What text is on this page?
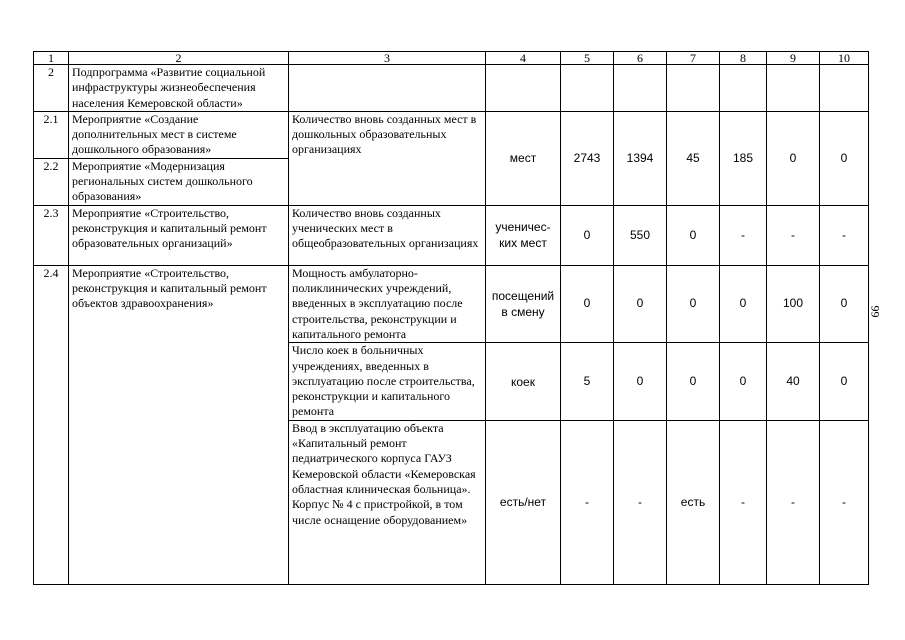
1	2	3	4	5	6	7	8	9	10
2	Подпрограмма «Развитие социальной инфраструктуры жизнеобеспечения населения Кемеровской области»								
2.1	Мероприятие «Создание дополнительных мест в системе дошкольного образования»	Количество вновь созданных мест в дошкольных образовательных организациях	мест	2743	1394	45	185	0	0
2.2	Мероприятие «Модернизация региональных систем дошкольного образования»								
2.3	Мероприятие «Строительство, реконструкция и капитальный ремонт образовательных организаций»	Количество вновь созданных ученических мест в общеобразовательных организациях	ученичес-ких мест	0	550	0	-	-	-
2.4	Мероприятие «Строительство, реконструкция и капитальный ремонт объектов здравоохранения»	Мощность амбулаторно-поликлинических учреждений, введенных в эксплуатацию после строительства, реконструкции и капитального ремонта	посещений в смену	0	0	0	0	100	0
		Число коек в больничных учреждениях, введенных в эксплуатацию после строительства, реконструкции и капитального ремонта	коек	5	0	0	0	40	0
		Ввод в эксплуатацию объекта «Капитальный ремонт педиатрического корпуса ГАУЗ Кемеровской области «Кемеровская областная клиническая больница». Корпус № 4 с пристройкой, в том числе оснащение оборудованием»	есть/нет	-	-	есть	-	-	-
99
